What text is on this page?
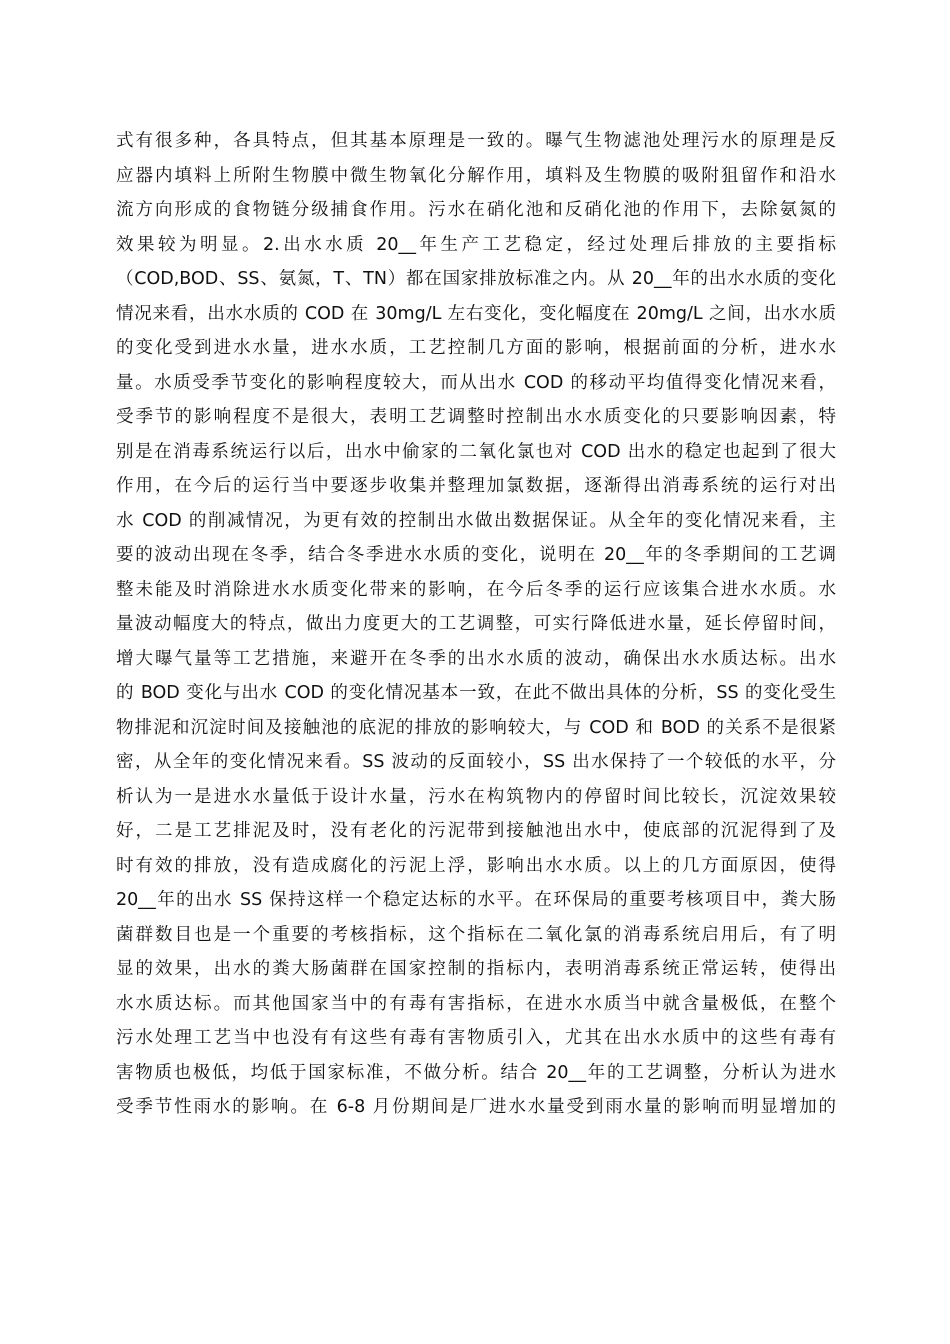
式有很多种，各具特点，但其基本原理是一致的。曝气生物滤池处理污水的原理是反
应器内填料上所附生物膜中微生物氧化分解作用，填料及生物膜的吸附狙留作和沿水
流方向形成的食物链分级捕食作用。污水在硝化池和反硝化池的作用下，去除氨氮的
效果较为明显。2.出水水质 20__年生产工艺稳定，经过处理后排放的主要指标
（COD,BOD、SS、氨氮，T、TN）都在国家排放标准之内。从 20__年的出水水质的变化
情况来看，出水水质的 COD 在 30mg/L 左右变化，变化幅度在 20mg/L 之间，出水水质
的变化受到进水水量，进水水质，工艺控制几方面的影响，根据前面的分析，进水水
量。水质受季节变化的影响程度较大，而从出水 COD 的移动平均值得变化情况来看，
受季节的影响程度不是很大，表明工艺调整时控制出水水质变化的只要影响因素，特
别是在消毒系统运行以后，出水中偷家的二氧化氯也对 COD 出水的稳定也起到了很大
作用，在今后的运行当中要逐步收集并整理加氯数据，逐渐得出消毒系统的运行对出
水 COD 的削减情况，为更有效的控制出水做出数据保证。从全年的变化情况来看，主
要的波动出现在冬季，结合冬季进水水质的变化，说明在 20__年的冬季期间的工艺调
整未能及时消除进水水质变化带来的影响，在今后冬季的运行应该集合进水水质。水
量波动幅度大的特点，做出力度更大的工艺调整，可实行降低进水量，延长停留时间，
增大曝气量等工艺措施，来避开在冬季的出水水质的波动，确保出水水质达标。出水
的 BOD 变化与出水 COD 的变化情况基本一致，在此不做出具体的分析，SS 的变化受生
物排泥和沉淀时间及接触池的底泥的排放的影响较大，与 COD 和 BOD 的关系不是很紧
密，从全年的变化情况来看。SS 波动的反面较小，SS 出水保持了一个较低的水平，分
析认为一是进水水量低于设计水量，污水在构筑物内的停留时间比较长，沉淀效果较
好，二是工艺排泥及时，没有老化的污泥带到接触池出水中，使底部的沉泥得到了及
时有效的排放，没有造成腐化的污泥上浮，影响出水水质。以上的几方面原因，使得
20__年的出水 SS 保持这样一个稳定达标的水平。在环保局的重要考核项目中，粪大肠
菌群数目也是一个重要的考核指标，这个指标在二氧化氯的消毒系统启用后，有了明
显的效果，出水的粪大肠菌群在国家控制的指标内，表明消毒系统正常运转，使得出
水水质达标。而其他国家当中的有毒有害指标，在进水水质当中就含量极低，在整个
污水处理工艺当中也没有有这些有毒有害物质引入，尤其在出水水质中的这些有毒有
害物质也极低，均低于国家标准，不做分析。结合 20__年的工艺调整，分析认为进水
受季节性雨水的影响。在 6-8 月份期间是厂进水水量受到雨水量的影响而明显增加的
